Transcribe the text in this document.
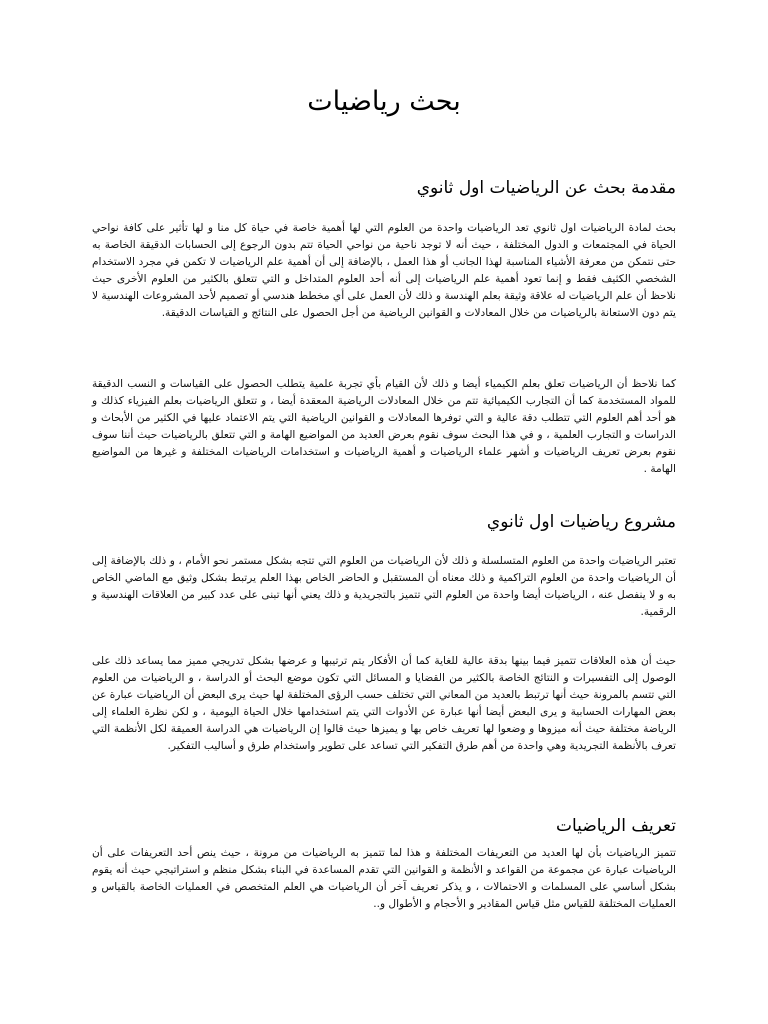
بحث رياضيات
مقدمة بحث عن الرياضيات اول ثانوي

بحث لمادة الرياضيات اول ثانوي تعد الرياضيات واحدة من العلوم التي لها أهمية خاصة في حياة كل منا و لها تأثير على كافة نواحي الحياة في المجتمعات و الدول المختلفة ، حيث أنه لا توجد ناحية من نواحي الحياة تتم بدون الرجوع إلى الحسابات الدقيقة الخاصة به حتى نتمكن من معرفة الأشياء المناسبة لهذا الجانب أو هذا العمل ، بالإضافة إلى أن أهمية علم الرياضيات لا تكمن في مجرد الاستخدام الشخصي الكثيف فقط و إنما تعود أهمية علم الرياضيات إلى أنه أحد العلوم المتداخل و التي تتعلق بالكثير من العلوم الأخرى حيث نلاحظ أن علم الرياضيات له علاقة وثيقة بعلم الهندسة و ذلك لأن العمل على أي مخطط هندسي أو تصميم لأحد المشروعات الهندسية لا يتم دون الاستعانة بالرياضيات من خلال المعادلات و القوانين الرياضية من أجل الحصول على النتائج و القياسات الدقيقة.

كما نلاحظ أن الرياضيات تعلق بعلم الكيمياء أيضا و ذلك لأن القيام بأي تجربة علمية يتطلب الحصول على القياسات و النسب الدقيقة للمواد المستخدمة كما أن التجارب الكيميائية تتم من خلال المعادلات الرياضية المعقدة أيضا ، و تتعلق الرياضيات بعلم الفيزياء كذلك و هو أحد أهم العلوم التي تتطلب دقة عالية و التي توفرها المعادلات و القوانين الرياضية التي يتم الاعتماد عليها في الكثير من الأبحاث و الدراسات و التجارب العلمية ، و في هذا البحث سوف نقوم بعرض العديد من المواضيع الهامة و التي تتعلق بالرياضيات حيث أننا سوف نقوم بعرض تعريف الرياضيات و أشهر علماء الرياضيات و أهمية الرياضيات و استخدامات الرياضيات المختلفة و غيرها من المواضيع الهامة .

مشروع رياضيات اول ثانوي

تعتبر الرياضيات واحدة من العلوم المتسلسلة و ذلك لأن الرياضيات من العلوم التي تتجه بشكل مستمر نحو الأمام ، و ذلك بالإضافة إلى أن الرياضيات واحدة من العلوم التراكمية و ذلك معناه أن المستقبل و الحاضر الخاص بهذا العلم يرتبط بشكل وثيق مع الماضي الخاص به و لا ينفصل عنه ، الرياضيات أيضا واحدة من العلوم التي تتميز بالتجريدية و ذلك يعني أنها تبنى على عدد كبير من العلاقات الهندسية و الرقمية.

حيث أن هذه العلاقات تتميز فيما بينها بدقة عالية للغاية كما أن الأفكار يتم ترتيبها و عرضها بشكل تدريجي مميز مما يساعد ذلك على الوصول إلى التفسيرات و النتائج الخاصة بالكثير من القضايا و المسائل التي تكون موضع البحث أو الدراسة ، و الرياضيات من العلوم التي تتسم بالمرونة حيث أنها ترتبط بالعديد من المعاني التي تختلف حسب الرؤى المختلفة لها حيث يرى البعض أن الرياضيات عبارة عن بعض المهارات الحسابية و يرى البعض أيضا أنها عبارة عن الأدوات التي يتم استخدامها خلال الحياة اليومية ، و لكن نظرة العلماء إلى الرياضة مختلفة حيث أنه ميزوها و وضعوا لها تعريف خاص بها و يميزها حيث قالوا إن الرياضيات هي الدراسة العميقة لكل الأنظمة التي تعرف بالأنظمة التجريدية وهي واحدة من أهم طرق التفكير التي تساعد على تطوير واستخدام طرق و أساليب التفكير.

تعريف الرياضيات

تتميز الرياضيات بأن لها العديد من التعريفات المختلفة و هذا لما تتميز به الرياضيات من مرونة ، حيث ينص أحد التعريفات على أن الرياضيات عبارة عن مجموعة من القواعد و الأنظمة و القوانين التي تقدم المساعدة في البناء بشكل منظم و استراتيجي حيث أنه يقوم بشكل أساسي على المسلمات و الاحتمالات ، و يذكر تعريف آخر أن الرياضيات هي العلم المتخصص في العمليات الخاصة بالقياس و العمليات المختلفة للقياس مثل قياس المقادير و الأحجام و الأطوال و..
